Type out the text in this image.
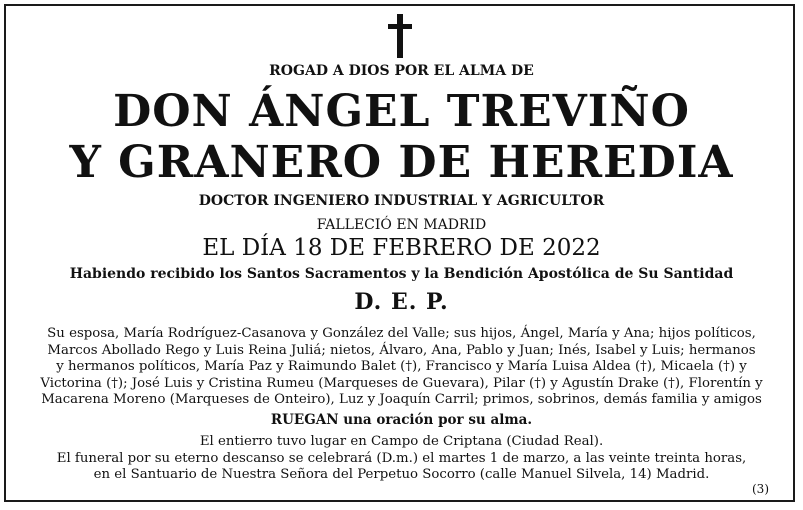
ROGAD A DIOS POR EL ALMA DE
DON ÁNGEL TREVIÑO
Y GRANERO DE HEREDIA
DOCTOR INGENIERO INDUSTRIAL Y AGRICULTOR
FALLECIÓ EN MADRID
EL DÍA 18 DE FEBRERO DE 2022
Habiendo recibido los Santos Sacramentos y la Bendición Apostólica de Su Santidad
D. E. P.
Su esposa, María Rodríguez-Casanova y González del Valle; sus hijos, Ángel, María y Ana; hijos políticos,
Marcos Abollado Rego y Luis Reina Juliá; nietos, Álvaro, Ana, Pablo y Juan; Inés, Isabel y Luis; hermanos
y hermanos políticos, María Paz y Raimundo Balet (†), Francisco y María Luisa Aldea (†), Micaela (†) y
Victorina (†); José Luis y Cristina Rumeu (Marqueses de Guevara), Pilar (†) y Agustín Drake (†), Florentín y
Macarena Moreno (Marqueses de Onteiro), Luz y Joaquín Carril; primos, sobrinos, demás familia y amigos
RUEGAN una oración por su alma.
El entierro tuvo lugar en Campo de Criptana (Ciudad Real).
El funeral por su eterno descanso se celebrará (D.m.) el martes 1 de marzo, a las veinte treinta horas,
en el Santuario de Nuestra Señora del Perpetuo Socorro (calle Manuel Silvela, 14) Madrid.
(3)
